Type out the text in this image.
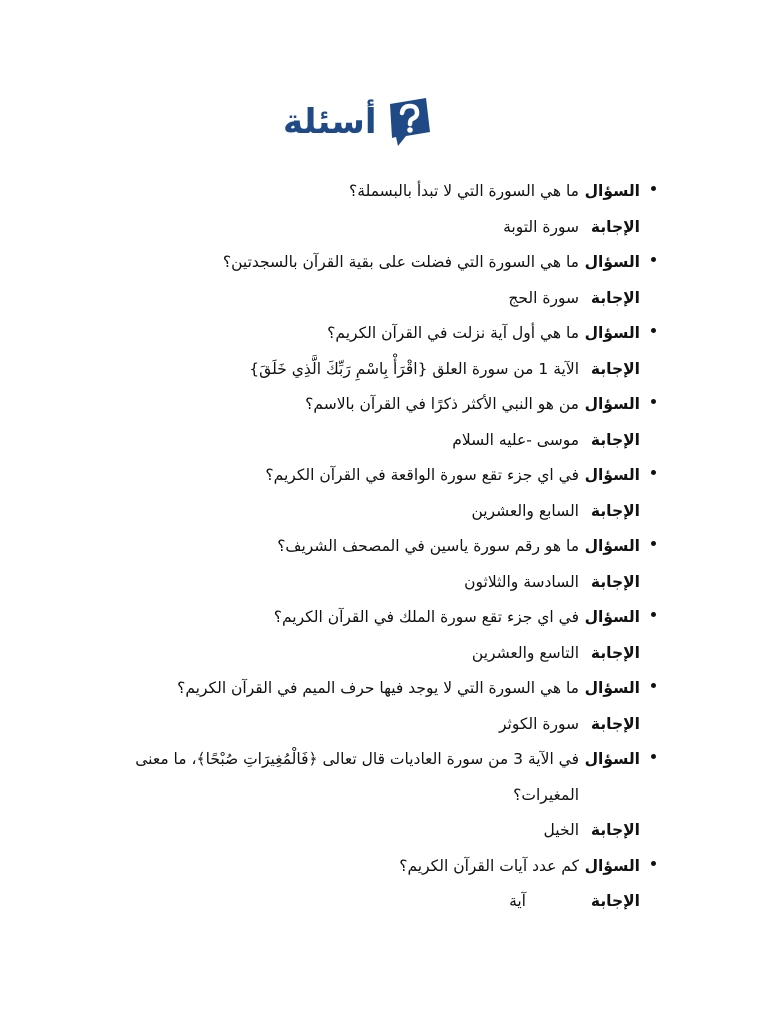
أسئلة
السؤال
ما هي السورة التي لا تبدأ بالبسملة؟
الإجابة
سورة التوبة
السؤال
ما هي السورة التي فضلت على بقية القرآن بالسجدتين؟
الإجابة
سورة الحج
السؤال
ما هي أول آية نزلت في القرآن الكريم؟
الإجابة
الآية 1 من سورة العلق {اقْرَأْ بِاسْمِ رَبِّكَ الَّذِي خَلَقَ}
السؤال
من هو النبي الأكثر ذكرًا في القرآن بالاسم؟
الإجابة
موسى -عليه السلام
السؤال
في اي جزء تقع سورة الواقعة في القرآن الكريم؟
الإجابة
السابع والعشرين
السؤال
ما هو رقم سورة ياسين في المصحف الشريف؟
الإجابة
السادسة والثلاثون
السؤال
في اي جزء تقع سورة الملك في القرآن الكريم؟
الإجابة
التاسع والعشرين
السؤال
ما هي السورة التي لا يوجد فيها حرف الميم في القرآن الكريم؟
الإجابة
سورة الكوثر
السؤال
في الآية 3 من سورة العاديات قال تعالى ﴿فَالْمُغِيرَاتِ صُبْحًا﴾، ما معنى المغيرات؟
الإجابة
الخيل
السؤال
كم عدد آيات القرآن الكريم؟
الإجابة
آية
